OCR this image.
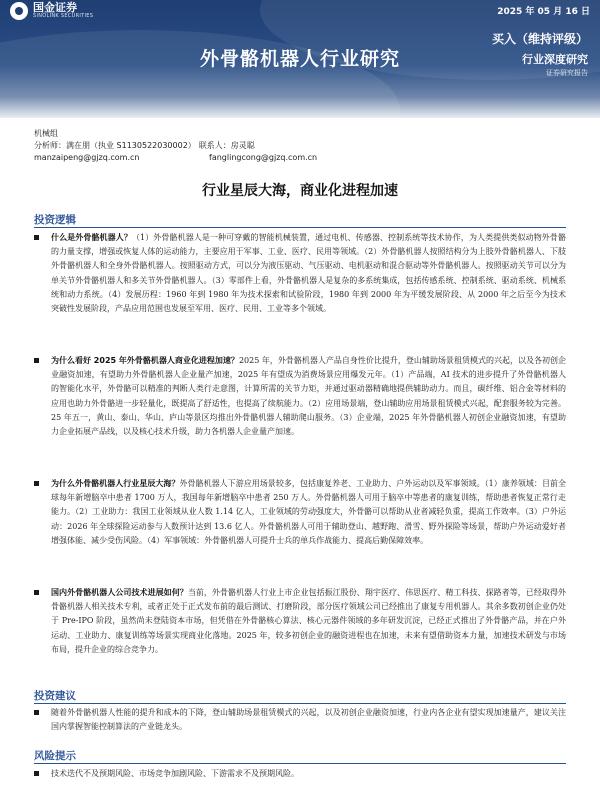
国金证券
SINOLINK SECURITIES	2025 年 05 月 16 日
外骨骼机器人行业研究
买入（维持评级）
行业深度研究
证券研究报告
机械组
分析师：满在朋（执业 S1130522030002） 联系人：房灵聪
manzaipeng@gjzq.com.cn	fanglingcong@gjzq.com.cn
行业星辰大海，商业化进程加速
投资逻辑
什么是外骨骼机器人？（1）外骨骼机器人是一种可穿戴的智能机械装置，通过电机、传感器、控制系统等技术协作，为人类提供类似动物外骨骼的力量支撑，增强或恢复人体的运动能力，主要应用于军事、工业、医疗、民用等领域。（2）外骨骼机器人按照结构分为上肢外骨骼机器人、下肢外骨骼机器人和全身外骨骼机器人。按照驱动方式，可以分为液压驱动、气压驱动、电机驱动和混合驱动等外骨骼机器人。按照驱动关节可以分为单关节外骨骼机器人和多关节外骨骼机器人。（3）零部件上看，外骨骼机器人是复杂的多系统集成，包括传感系统、控制系统、驱动系统、机械系统和动力系统。（4）发展历程：1960 年到 1980 年为技术探索和试验阶段，1980 年到 2000 年为平缓发展阶段、从 2000 年之后至今为技术突破性发展阶段，产品应用范围也发展至军用、医疗、民用、工业等多个领域。
为什么看好 2025 年外骨骼机器人商业化进程加速？2025 年，外骨骼机器人产品自身性价比提升，登山辅助场景租赁模式的兴起，以及各初创企业融资加速，有望助力外骨骼机器人企业量产加速，2025 年有望成为消费场景应用爆发元年。（1）产品端，AI 技术的进步提升了外骨骼机器人的智能化水平，外骨骼可以精准的判断人类行走意图，计算所需的关节力矩，并通过驱动器精确地提供辅助动力。而且，碳纤维、铝合金等材料的应用也助力外骨骼进一步轻量化，既提高了舒适性，也提高了续航能力。（2）应用场景端，登山辅助应用场景租赁模式兴起，配套服务较为完善。25 年五一，黄山、泰山、华山、庐山等景区均推出外骨骼机器人辅助爬山服务。（3）企业端，2025 年外骨骼机器人初创企业融资加速，有望助力企业拓展产品线，以及核心技术升级，助力各机器人企业量产加速。
为什么外骨骼机器人行业星辰大海？外骨骼机器人下游应用场景较多，包括康复养老、工业助力、户外运动以及军事领域。（1）康养领域：目前全球每年新增脑卒中患者 1700 万人，我国每年新增脑卒中患者 250 万人。外骨骼机器人可用于脑卒中等患者的康复训练，帮助患者恢复正常行走能力。（2）工业助力：我国工业领域从业人数 1.14 亿人，工业领域的劳动强度大，外骨骼可以帮助从业者减轻负重，提高工作效率。（3）户外运动：2026 年全球探险运动参与人数预计达到 13.6 亿人。外骨骼机器人可用于辅助登山、越野跑、滑雪、野外探险等场景，帮助户外运动爱好者增强体能、减少受伤风险。（4）军事领域：外骨骼机器人可提升士兵的单兵作战能力、提高后勤保障效率。
国内外骨骼机器人公司技术进展如何？当前，外骨骼机器人行业上市企业包括振江股份、翔宇医疗、伟思医疗、精工科技、探路者等，已经取得外骨骼机器人相关技术专利，或者正处于正式发布前的最后测试、打磨阶段，部分医疗领域公司已经推出了康复专用机器人。其余多数初创企业仍处于 Pre-IPO 阶段，虽然尚未登陆资本市场，但凭借在外骨骼核心算法、核心元器件领域的多年研发沉淀，已经正式推出了外骨骼产品，并在户外运动、工业助力、康复训练等场景实现商业化落地。2025 年，较多初创企业的融资进程也在加速，未来有望借助资本力量，加速技术研发与市场布局，提升企业的综合竞争力。
投资建议
随着外骨骼机器人性能的提升和成本的下降，登山辅助场景租赁模式的兴起，以及初创企业融资加速，行业内各企业有望实现加速量产，建议关注国内掌握智能控制算法的产业链龙头。
风险提示
技术迭代不及预期风险、市场竞争加剧风险、下游需求不及预期风险。
